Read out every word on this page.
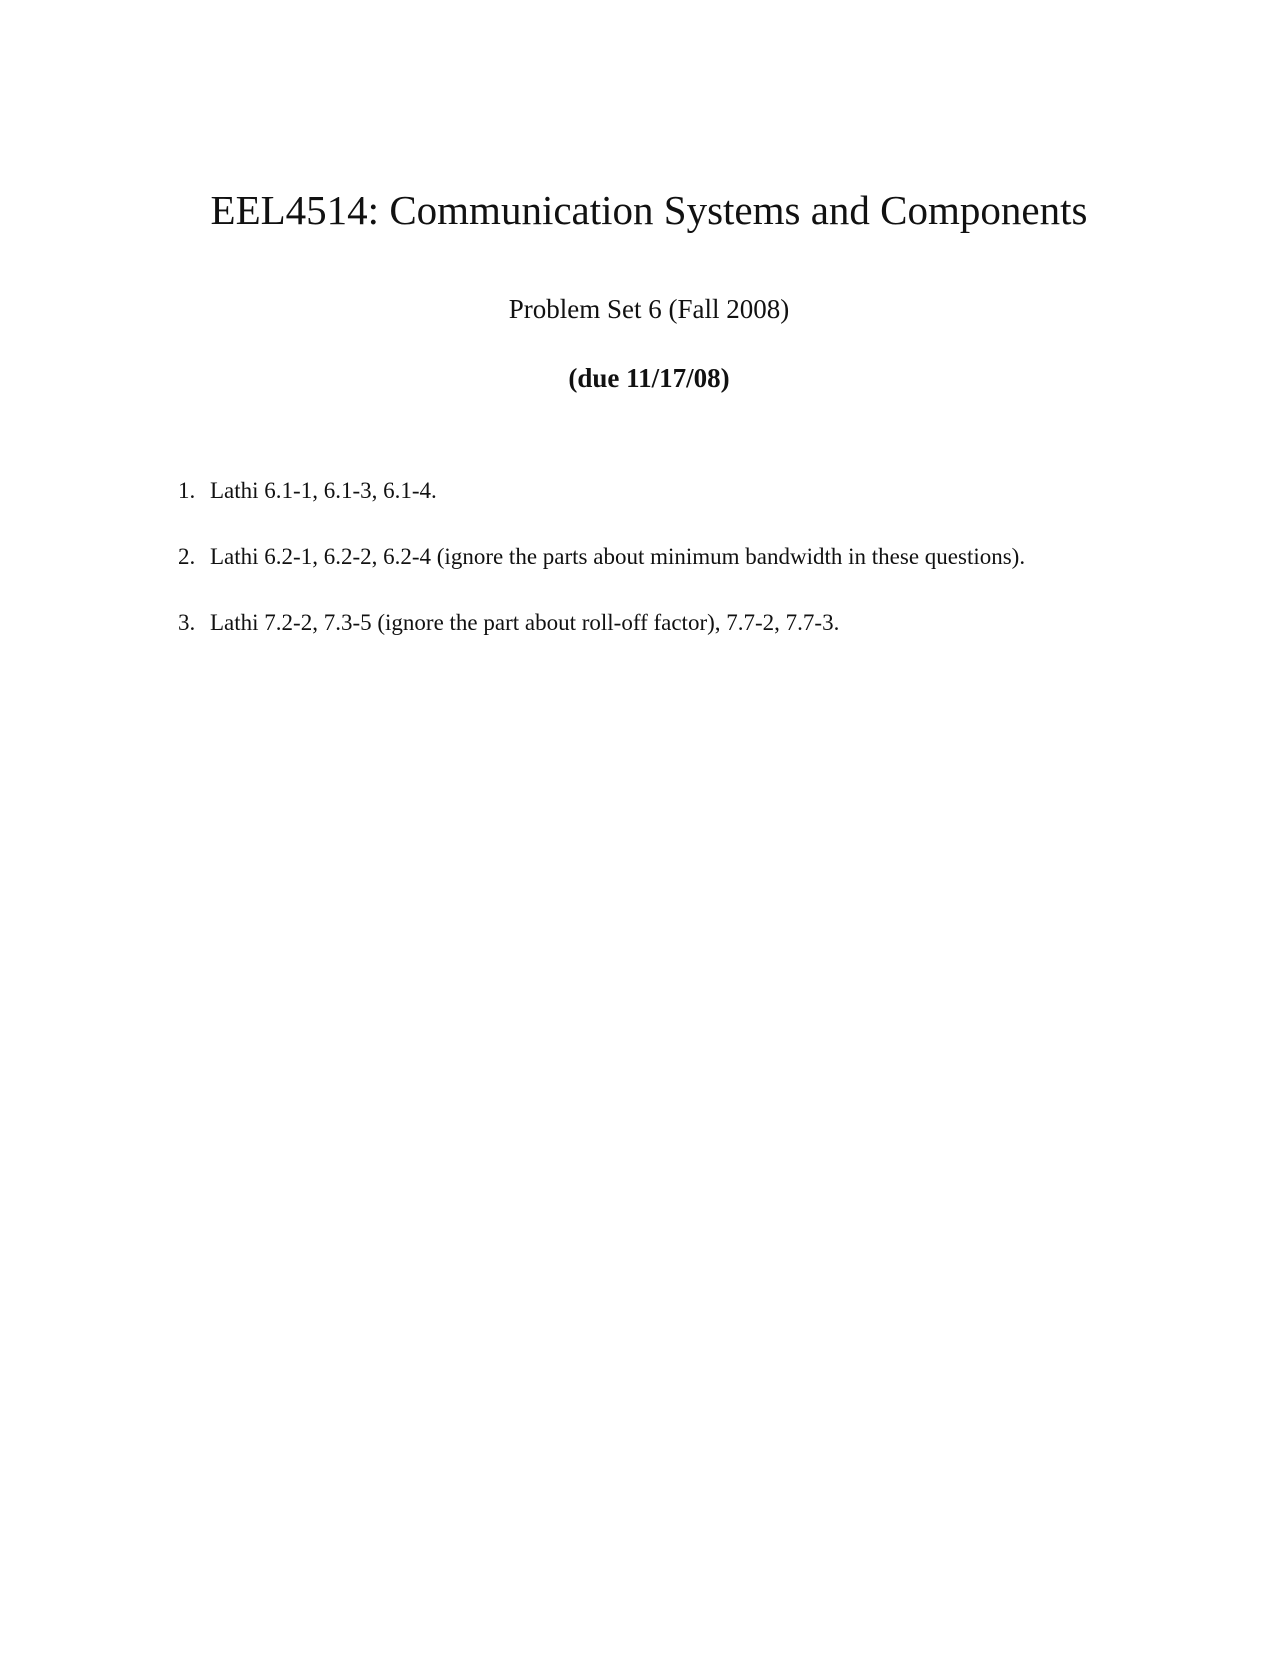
EEL4514: Communication Systems and Components

Problem Set 6 (Fall 2008)

(due 11/17/08)

1. Lathi 6.1-1, 6.1-3, 6.1-4.
2. Lathi 6.2-1, 6.2-2, 6.2-4 (ignore the parts about minimum bandwidth in these questions).
3. Lathi 7.2-2, 7.3-5 (ignore the part about roll-off factor), 7.7-2, 7.7-3.
